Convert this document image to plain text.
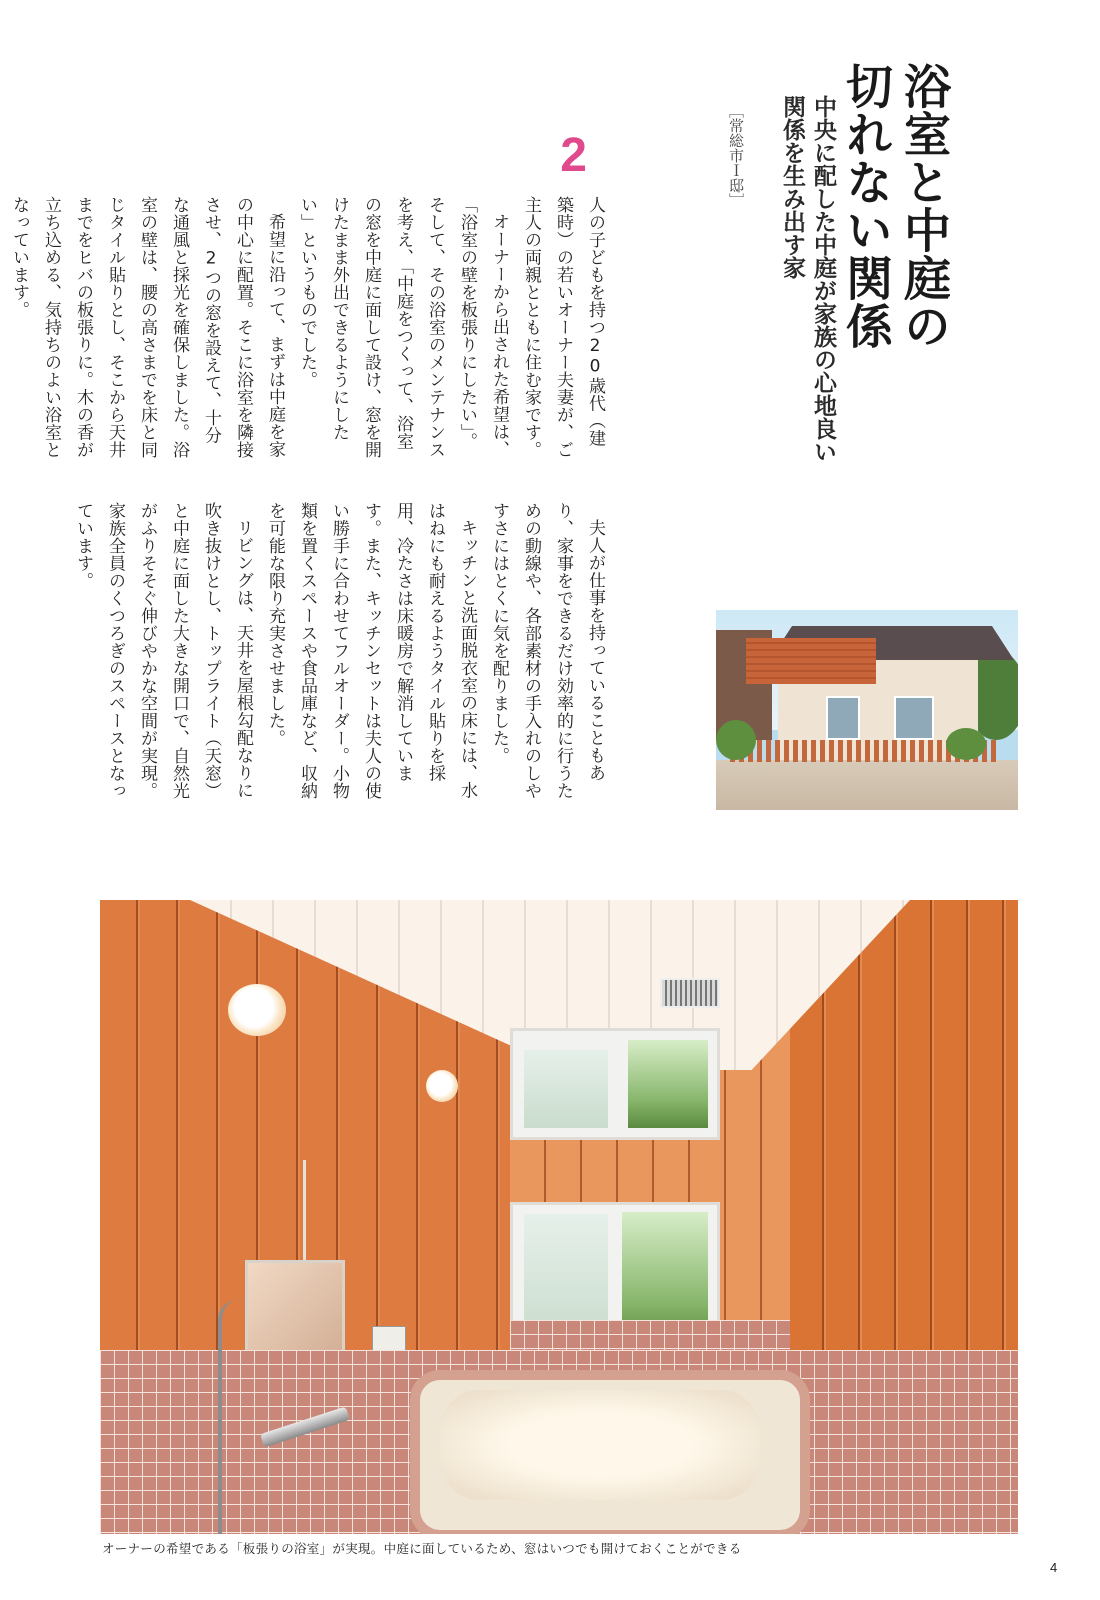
浴室と中庭の切れない関係
中央に配した中庭が家族の心地良い関係を生み出す家
［常総市Ｉ邸］
2

人の子どもを持つ20歳代（建築時）の若いオーナー夫妻が、ご主人の両親とともに住む家です。

オーナーから出された希望は、「浴室の壁を板張りにしたい」。そして、その浴室のメンテナンスを考え、「中庭をつくって、浴室の窓を中庭に面して設け、窓を開けたまま外出できるようにしたい」というものでした。

希望に沿って、まずは中庭を家の中心に配置。そこに浴室を隣接させ、2つの窓を設えて、十分な通風と採光を確保しました。浴室の壁は、腰の高さまでを床と同じタイル貼りとし、そこから天井までをヒバの板張りに。木の香が立ち込める、気持ちのよい浴室となっています。

夫人が仕事を持っていることもあり、家事をできるだけ効率的に行うための動線や、各部素材の手入れのしやすさにはとくに気を配りました。

キッチンと洗面脱衣室の床には、水はねにも耐えるようタイル貼りを採用、冷たさは床暖房で解消しています。また、キッチンセットは夫人の使い勝手に合わせてフルオーダー。小物類を置くスペースや食品庫など、収納を可能な限り充実させました。

リビングは、天井を屋根勾配なりに吹き抜けとし、トップライト（天窓）と中庭に面した大きな開口で、自然光がふりそそぐ伸びやかな空間が実現。家族全員のくつろぎのスペースとなっています。

オーナーの希望である「板張りの浴室」が実現。中庭に面しているため、窓はいつでも開けておくことができる
4
